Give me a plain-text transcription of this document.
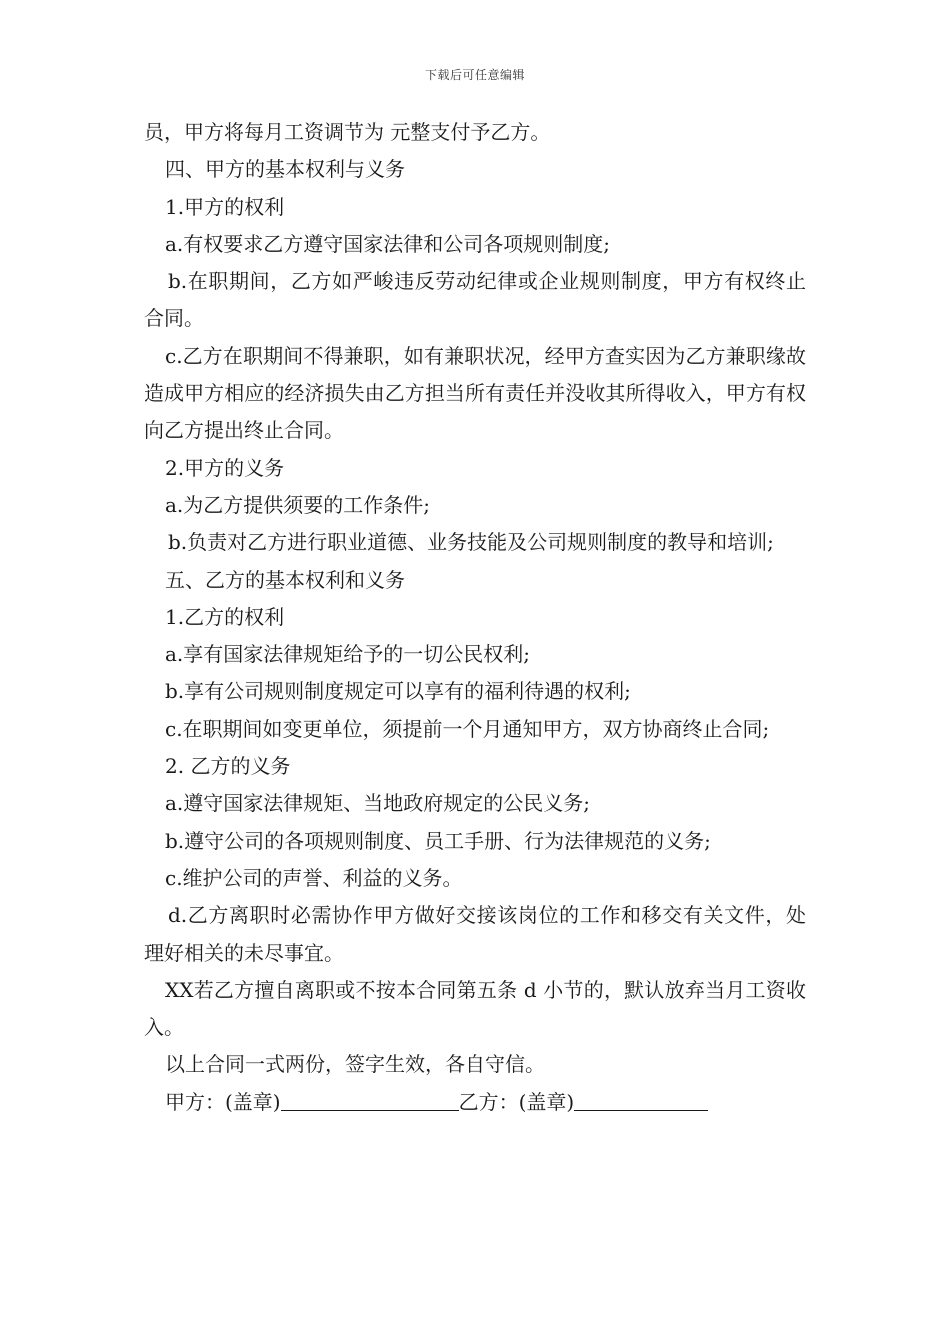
下载后可任意编辑

员，甲方将每月工资调节为 元整支付予乙方。

四、甲方的基本权利与义务

1.甲方的权利

a.有权要求乙方遵守国家法律和公司各项规则制度;

b.在职期间，乙方如严峻违反劳动纪律或企业规则制度，甲方有权终止合同。

c.乙方在职期间不得兼职，如有兼职状况，经甲方查实因为乙方兼职缘故造成甲方相应的经济损失由乙方担当所有责任并没收其所得收入，甲方有权向乙方提出终止合同。

2.甲方的义务

a.为乙方提供须要的工作条件;

b.负责对乙方进行职业道德、业务技能及公司规则制度的教导和培训;

五、乙方的基本权利和义务

1.乙方的权利

a.享有国家法律规矩给予的一切公民权利;

b.享有公司规则制度规定可以享有的福利待遇的权利;

c.在职期间如变更单位，须提前一个月通知甲方，双方协商终止合同;

2. 乙方的义务

a.遵守国家法律规矩、当地政府规定的公民义务;

b.遵守公司的各项规则制度、员工手册、行为法律规范的义务;

c.维护公司的声誉、利益的义务。

d.乙方离职时必需协作甲方做好交接该岗位的工作和移交有关文件，处理好相关的未尽事宜。

XX若乙方擅自离职或不按本合同第五条 d 小节的，默认放弃当月工资收入。

以上合同一式两份，签字生效，各自守信。

甲方：(盖章)	乙方：(盖章)
